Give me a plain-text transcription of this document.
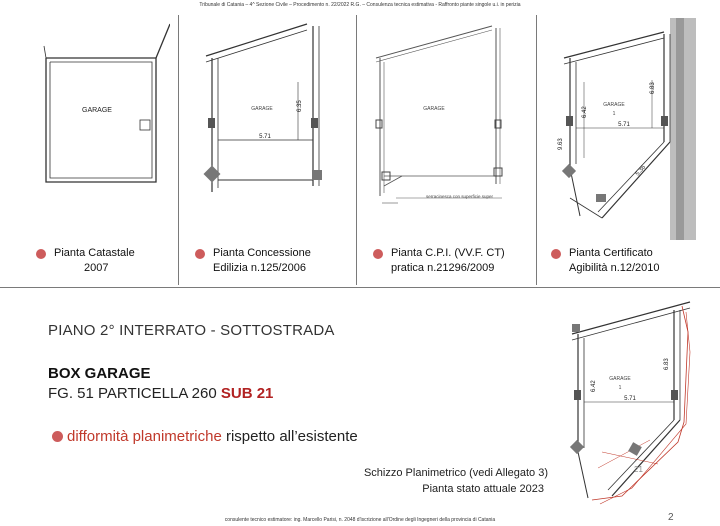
Tribunale di Catania – 4^ Sezione Civile – Procedimento n. 22/2022 R.G. – Consulenza tecnica estimativa - Raffronto piante singole u.i. in perizia
GARAGE	GARAGE
5.71
6.35	GARAGE
serracinesca con superficie super
GARAGE
1
5.71
6.42
6.83
9.63
5.36
Pianta Catastale
2007
Pianta Concessione
Edilizia n.125/2006
Pianta C.P.I. (VV.F. CT)
pratica n.21296/2009
Pianta Certificato
Agibilità n.12/2010
PIANO 2° INTERRATO - SOTTOSTRADA
BOX GARAGE
FG. 51 PARTICELLA 260 SUB 21
difformità planimetriche rispetto all’esistente
Schizzo Planimetrico (vedi Allegato 3)
Pianta stato attuale 2023
GARAGE
1
5.71
6.42
6.83
21
consulente tecnico estimatore: ing. Marcello Parisi, n. 2048 d'iscrizione all'Ordine degli Ingegneri della provincia di Catania	2
